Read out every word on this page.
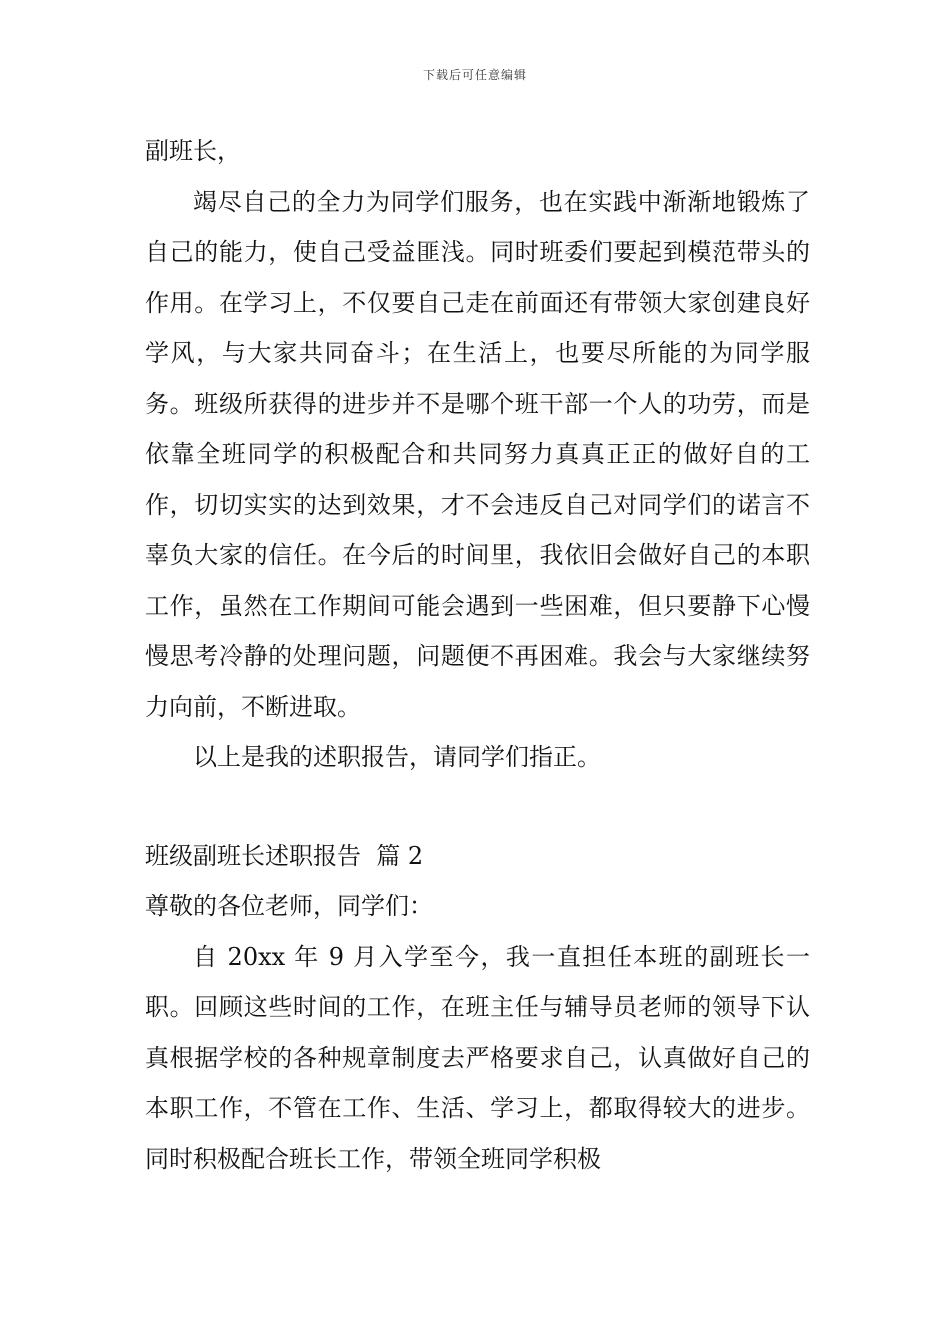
下载后可任意编辑

副班长，

竭尽自己的全力为同学们服务，也在实践中渐渐地锻炼了自己的能力，使自己受益匪浅。同时班委们要起到模范带头的作用。在学习上，不仅要自己走在前面还有带领大家创建良好学风，与大家共同奋斗；在生活上，也要尽所能的为同学服务。班级所获得的进步并不是哪个班干部一个人的功劳，而是依靠全班同学的积极配合和共同努力真真正正的做好自的工作，切切实实的达到效果，才不会违反自己对同学们的诺言不辜负大家的信任。在今后的时间里，我依旧会做好自己的本职工作，虽然在工作期间可能会遇到一些困难，但只要静下心慢慢思考冷静的处理问题，问题便不再困难。我会与大家继续努力向前，不断进取。

以上是我的述职报告，请同学们指正。

班级副班长述职报告  篇 2

尊敬的各位老师，同学们：

自 20xx 年 9 月入学至今，我一直担任本班的副班长一职。回顾这些时间的工作，在班主任与辅导员老师的领导下认真根据学校的各种规章制度去严格要求自己，认真做好自己的本职工作，不管在工作、生活、学习上，都取得较大的进步。同时积极配合班长工作，带领全班同学积极
